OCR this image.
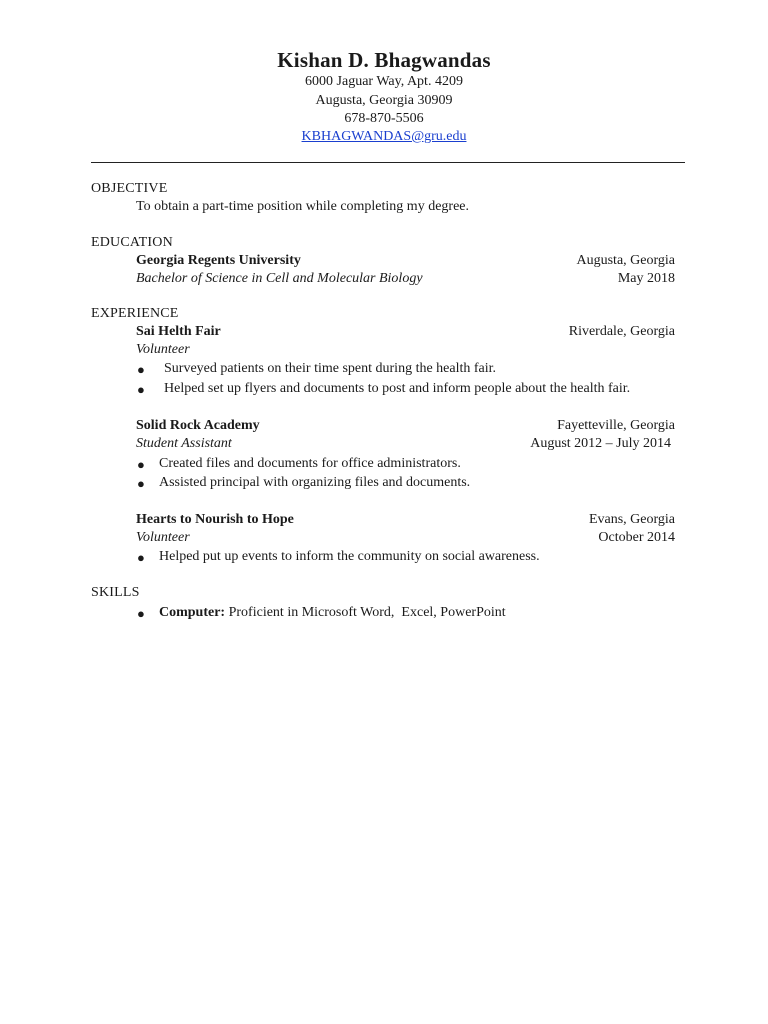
Kishan D. Bhagwandas
6000 Jaguar Way, Apt. 4209
Augusta, Georgia 30909
678-870-5506
KBHAGWANDAS@gru.edu
OBJECTIVE
To obtain a part-time position while completing my degree.
EDUCATION
Georgia Regents University	Augusta, Georgia
Bachelor of Science in Cell and Molecular Biology	May 2018
EXPERIENCE
Sai Helth Fair	Riverdale, Georgia
Volunteer
● Surveyed patients on their time spent during the health fair.
● Helped set up flyers and documents to post and inform people about the health fair.
Solid Rock Academy	Fayetteville, Georgia
Student Assistant	August 2012 – July 2014
● Created files and documents for office administrators.
● Assisted principal with organizing files and documents.
Hearts to Nourish to Hope	Evans, Georgia
Volunteer	October 2014
● Helped put up events to inform the community on social awareness.
SKILLS
● Computer: Proficient in Microsoft Word,  Excel, PowerPoint
